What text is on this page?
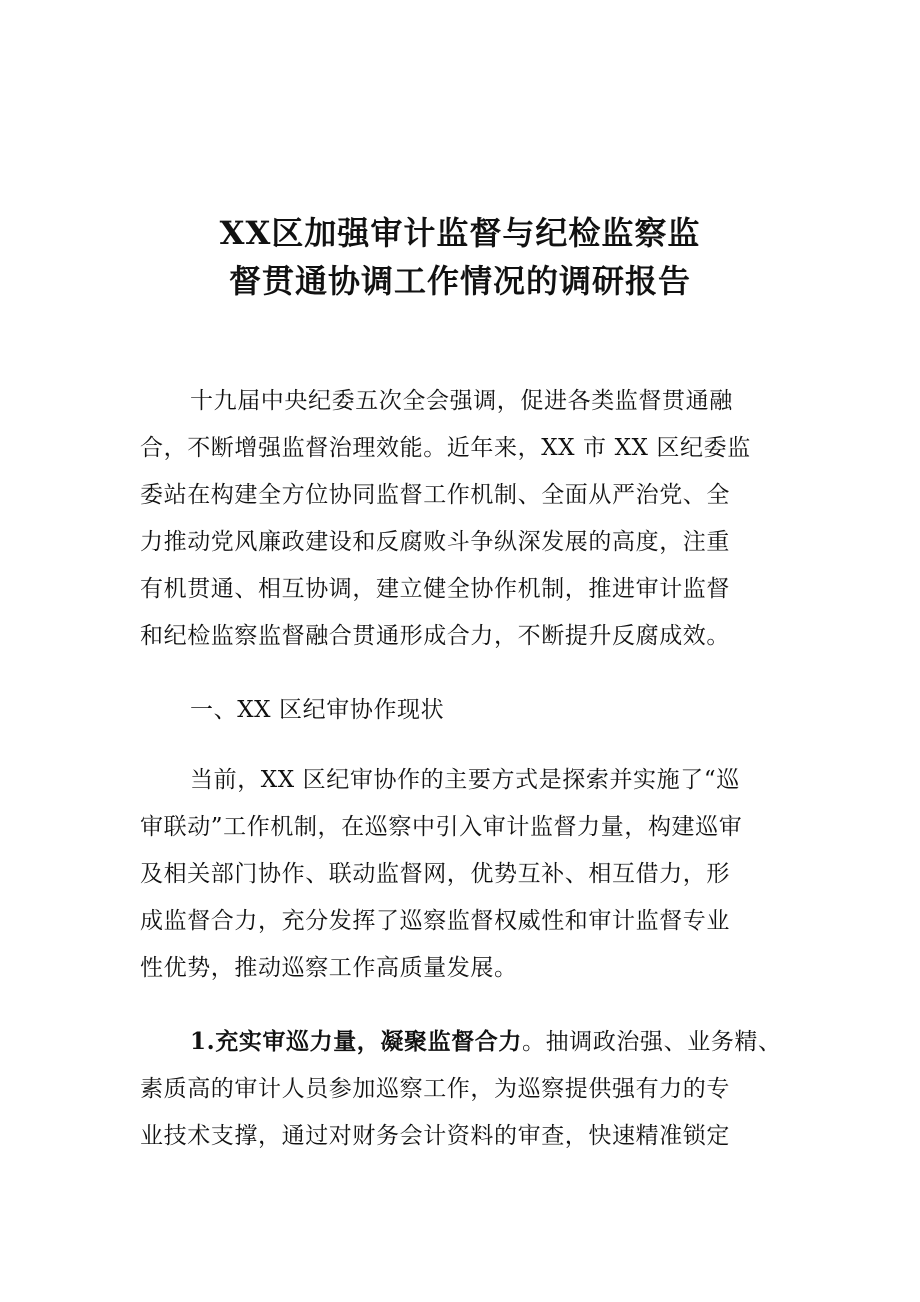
XX区加强审计监督与纪检监察监
督贯通协调工作情况的调研报告
十九届中央纪委五次全会强调，促进各类监督贯通融
合，不断增强监督治理效能。近年来，XX 市 XX 区纪委监
委站在构建全方位协同监督工作机制、全面从严治党、全
力推动党风廉政建设和反腐败斗争纵深发展的高度，注重
有机贯通、相互协调，建立健全协作机制，推进审计监督
和纪检监察监督融合贯通形成合力，不断提升反腐成效。
一、XX 区纪审协作现状
当前，XX 区纪审协作的主要方式是探索并实施了“巡
审联动”工作机制，在巡察中引入审计监督力量，构建巡审
及相关部门协作、联动监督网，优势互补、相互借力，形
成监督合力，充分发挥了巡察监督权威性和审计监督专业
性优势，推动巡察工作高质量发展。
1.充实审巡力量，凝聚监督合力。抽调政治强、业务精、
素质高的审计人员参加巡察工作，为巡察提供强有力的专
业技术支撑，通过对财务会计资料的审查，快速精准锁定
